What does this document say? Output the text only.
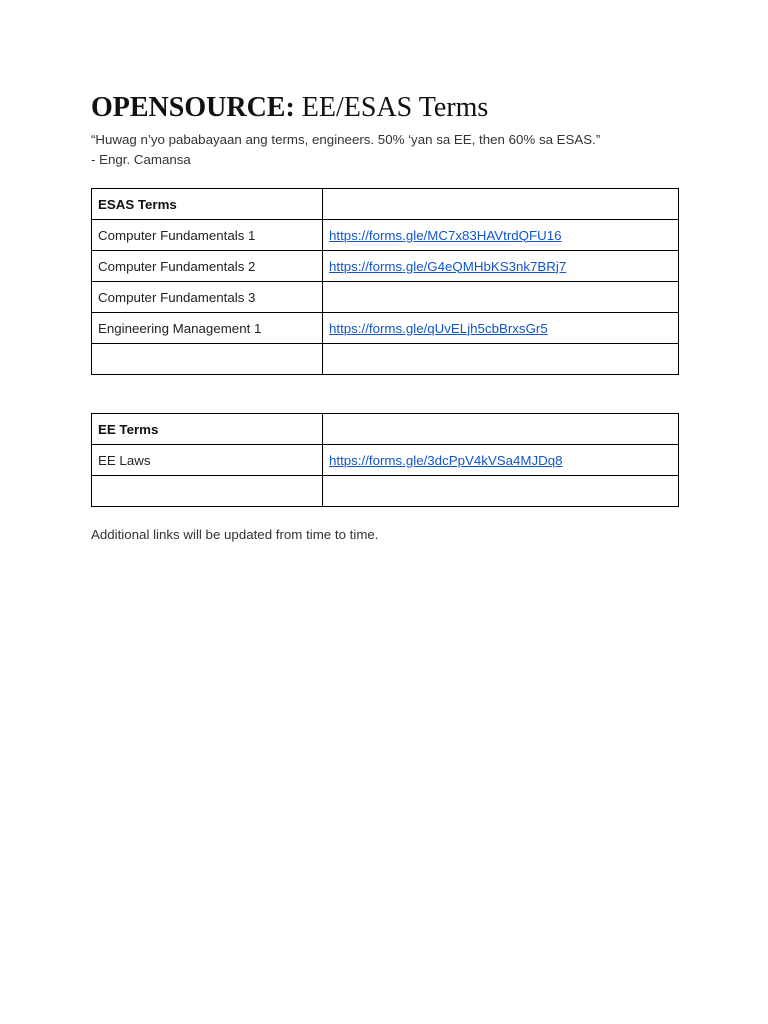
OPENSOURCE: EE/ESAS Terms
“Huwag n’yo pababayaan ang terms, engineers. 50% ‘yan sa EE, then 60% sa ESAS.”
- Engr. Camansa
ESAS Terms	
Computer Fundamentals 1	https://forms.gle/MC7x83HAVtrdQFU16
Computer Fundamentals 2	https://forms.gle/G4eQMHbKS3nk7BRj7
Computer Fundamentals 3	
Engineering Management 1	https://forms.gle/qUvELjh5cbBrxsGr5

EE Terms	
EE Laws	https://forms.gle/3dcPpV4kVSa4MJDq8

Additional links will be updated from time to time.
